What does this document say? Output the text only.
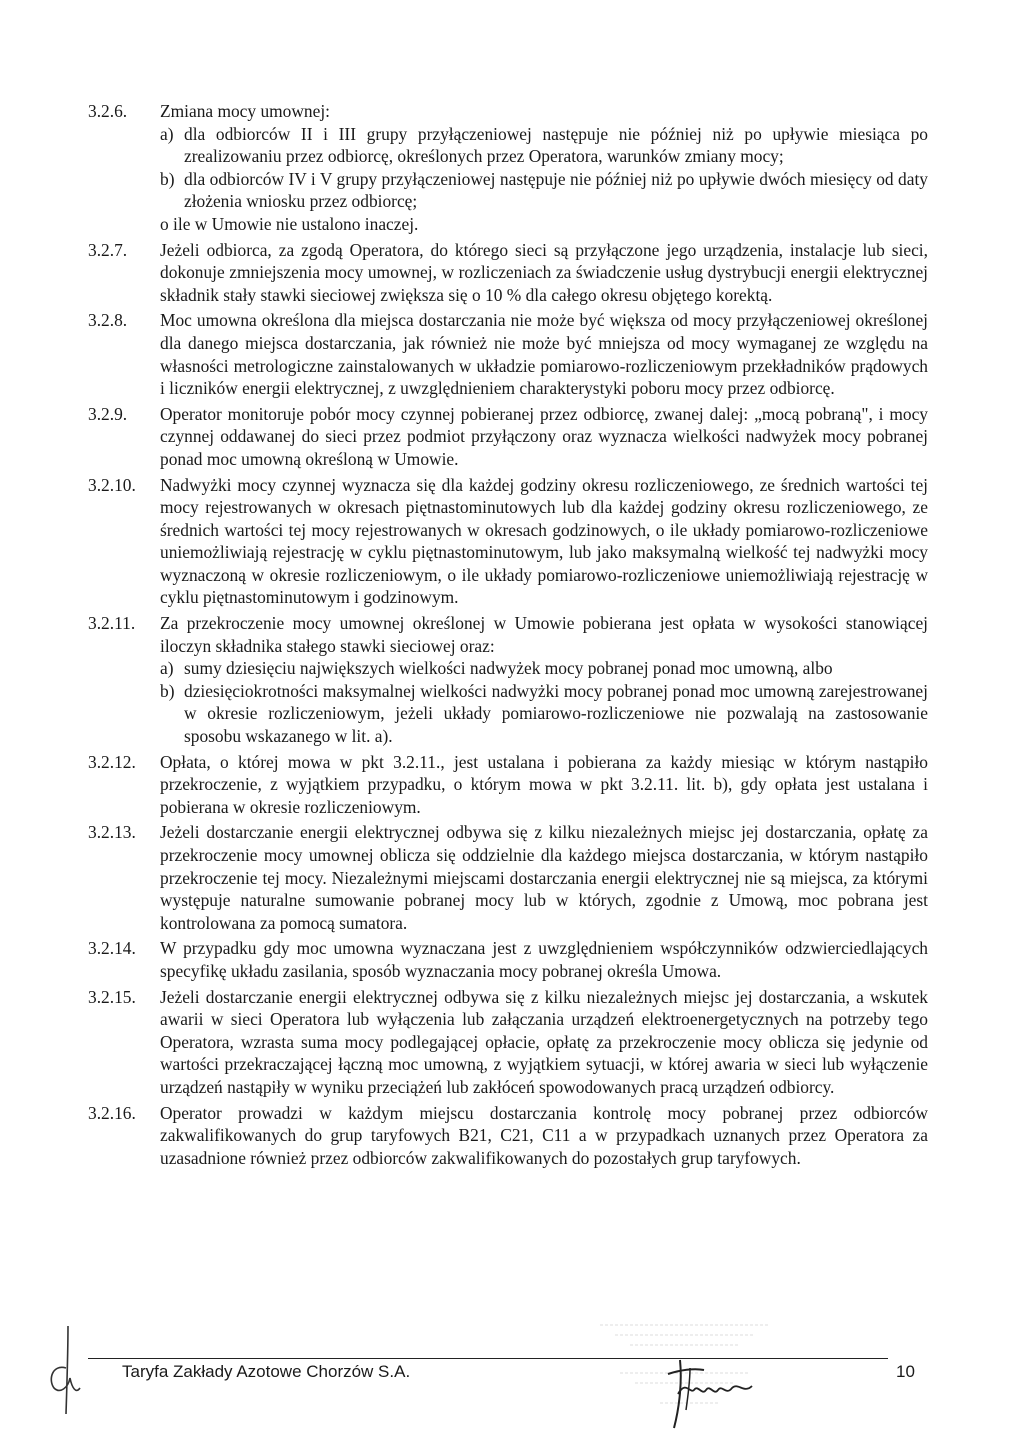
3.2.6.	Zmiana mocy umownej:
a) dla odbiorców II i III grupy przyłączeniowej następuje nie później niż po upływie miesiąca po zrealizowaniu przez odbiorcę, określonych przez Operatora, warunków zmiany mocy;
b) dla odbiorców IV i V grupy przyłączeniowej następuje nie później niż po upływie dwóch miesięcy od daty złożenia wniosku przez odbiorcę;
o ile w Umowie nie ustalono inaczej.
3.2.7.	Jeżeli odbiorca, za zgodą Operatora, do którego sieci są przyłączone jego urządzenia, instalacje lub sieci, dokonuje zmniejszenia mocy umownej, w rozliczeniach za świadczenie usług dystrybucji energii elektrycznej składnik stały stawki sieciowej zwiększa się o 10 % dla całego okresu objętego korektą.
3.2.8.	Moc umowna określona dla miejsca dostarczania nie może być większa od mocy przyłączeniowej określonej dla danego miejsca dostarczania, jak również nie może być mniejsza od mocy wymaganej ze względu na własności metrologiczne zainstalowanych w układzie pomiarowo-rozliczeniowym przekładników prądowych i liczników energii elektrycznej, z uwzględnieniem charakterystyki poboru mocy przez odbiorcę.
3.2.9.	Operator monitoruje pobór mocy czynnej pobieranej przez odbiorcę, zwanej dalej: „mocą pobraną", i mocy czynnej oddawanej do sieci przez podmiot przyłączony oraz wyznacza wielkości nadwyżek mocy pobranej ponad moc umowną określoną w Umowie.
3.2.10.	Nadwyżki mocy czynnej wyznacza się dla każdej godziny okresu rozliczeniowego, ze średnich wartości tej mocy rejestrowanych w okresach piętnastominutowych lub dla każdej godziny okresu rozliczeniowego, ze średnich wartości tej mocy rejestrowanych w okresach godzinowych, o ile układy pomiarowo-rozliczeniowe uniemożliwiają rejestrację w cyklu piętnastominutowym, lub jako maksymalną wielkość tej nadwyżki mocy wyznaczoną w okresie rozliczeniowym, o ile układy pomiarowo-rozliczeniowe uniemożliwiają rejestrację w cyklu piętnastominutowym i godzinowym.
3.2.11.	Za przekroczenie mocy umownej określonej w Umowie pobierana jest opłata w wysokości stanowiącej iloczyn składnika stałego stawki sieciowej oraz:
a) sumy dziesięciu największych wielkości nadwyżek mocy pobranej ponad moc umowną, albo
b) dziesięciokrotności maksymalnej wielkości nadwyżki mocy pobranej ponad moc umowną zarejestrowanej w okresie rozliczeniowym, jeżeli układy pomiarowo-rozliczeniowe nie pozwalają na zastosowanie sposobu wskazanego w lit. a).
3.2.12.	Opłata, o której mowa w pkt 3.2.11., jest ustalana i pobierana za każdy miesiąc w którym nastąpiło przekroczenie, z wyjątkiem przypadku, o którym mowa w pkt 3.2.11. lit. b), gdy opłata jest ustalana i pobierana w okresie rozliczeniowym.
3.2.13.	Jeżeli dostarczanie energii elektrycznej odbywa się z kilku niezależnych miejsc jej dostarczania, opłatę za przekroczenie mocy umownej oblicza się oddzielnie dla każdego miejsca dostarczania, w którym nastąpiło przekroczenie tej mocy. Niezależnymi miejscami dostarczania energii elektrycznej nie są miejsca, za którymi występuje naturalne sumowanie pobranej mocy lub w których, zgodnie z Umową, moc pobrana jest kontrolowana za pomocą sumatora.
3.2.14.	W przypadku gdy moc umowna wyznaczana jest z uwzględnieniem współczynników odzwierciedlających specyfikę układu zasilania, sposób wyznaczania mocy pobranej określa Umowa.
3.2.15.	Jeżeli dostarczanie energii elektrycznej odbywa się z kilku niezależnych miejsc jej dostarczania, a wskutek awarii w sieci Operatora lub wyłączenia lub załączania urządzeń elektroenergetycznych na potrzeby tego Operatora, wzrasta suma mocy podlegającej opłacie, opłatę za przekroczenie mocy oblicza się jedynie od wartości przekraczającej łączną moc umowną, z wyjątkiem sytuacji, w której awaria w sieci lub wyłączenie urządzeń nastąpiły w wyniku przeciążeń lub zakłóceń spowodowanych pracą urządzeń odbiorcy.
3.2.16.	Operator prowadzi w każdym miejscu dostarczania kontrolę mocy pobranej przez odbiorców zakwalifikowanych do grup taryfowych B21, C21, C11 a w przypadkach uznanych przez Operatora za uzasadnione również przez odbiorców zakwalifikowanych do pozostałych grup taryfowych.
Taryfa Zakłady Azotowe Chorzów S.A.	10
